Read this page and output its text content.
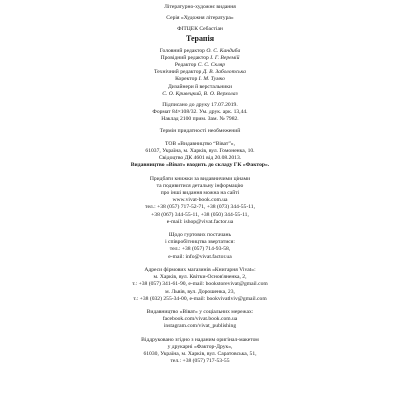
Літературно-художнє видання
Серія «Художня література»
ФІТЦЕК Себастіан
Терапія
Головний редактор О. С. Кандиба
Провідний редактор І. Г. Веремій
Редактор С. С. Скляр
Технічний редактор Д. В. Заболотська
Коректор І. М. Тумко
Дизайнери й верстальники
С. О. Кривецкий, В. О. Верхолаз
Підписано до друку 17.07.2019.
Формат 84×108/32. Ум. друк. арк. 13,44.
Наклад 2100 прим. Зам. № 7982.
Термін придатності необмежений
ТОВ «Видавництво “Віват”»,
61037, Україна, м. Харків, вул. Гомоненка, 10.
Свідоцтво ДК 4601 від 20.08.2013.
Видавництво «Віват» входить до складу ГК «Фактор».
Придбати книжки за видавничими цінами
та подивитися детальну інформацію
про інші видання можна на сайті
www.vivat-book.com.ua
тел.: +38 (057) 717-52-71, +38 (073) 344-55-11,
+38 (067) 344-55-11, +38 (050) 344-55-11,
e-mail: ishop@vivat.factor.ua
Щодо гуртових постачань
і співробітництва звертатися:
тел.: +38 (057) 714-93-58,
e-mail: info@vivat.factor.ua
Адреси фірмових магазинів «Книгарня Vivat»:
м. Харків, вул. Квітки-Основ'яненка, 2,
т.: +38 (057) 341-61-90, e-mail: bookstorevivat@gmail.com
м. Львів, вул. Дорошенка, 23,
т.: +38 (032) 255-34-00, e-mail: bookvivatlviv@gmail.com
Видавництво «Віват» у соціальних мережах:
facebook.com/vivat.book.com.ua
instagram.com/vivat_publishing
Віддруковано згідно з наданим оригінал-макетом
у друкарні «Фактор-Друк»,
61030, Україна, м. Харків, вул. Саратовська, 51,
тел.: +38 (057) 717-53-55
